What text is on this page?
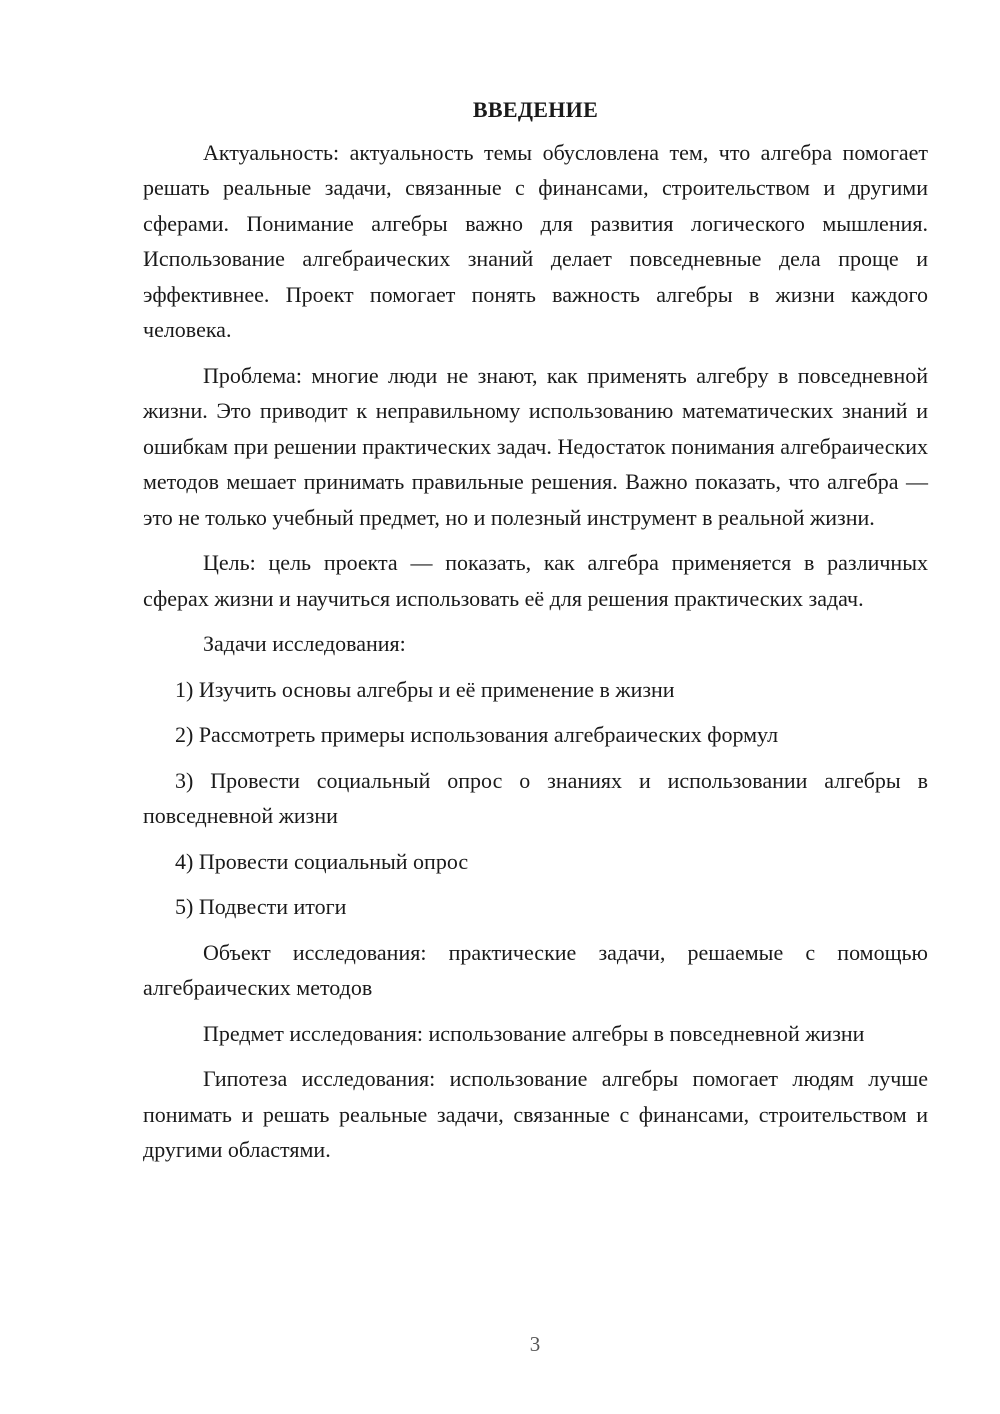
ВВЕДЕНИЕ

Актуальность: актуальность темы обусловлена тем, что алгебра помогает решать реальные задачи, связанные с финансами, строительством и другими сферами. Понимание алгебры важно для развития логического мышления. Использование алгебраических знаний делает повседневные дела проще и эффективнее. Проект помогает понять важность алгебры в жизни каждого человека.

Проблема: многие люди не знают, как применять алгебру в повседневной жизни. Это приводит к неправильному использованию математических знаний и ошибкам при решении практических задач. Недостаток понимания алгебраических методов мешает принимать правильные решения. Важно показать, что алгебра — это не только учебный предмет, но и полезный инструмент в реальной жизни.

Цель: цель проекта — показать, как алгебра применяется в различных сферах жизни и научиться использовать её для решения практических задач.

Задачи исследования:

1) Изучить основы алгебры и её применение в жизни

2) Рассмотреть примеры использования алгебраических формул

3) Провести социальный опрос о знаниях и использовании алгебры в повседневной жизни

4) Провести социальный опрос

5) Подвести итоги

Объект исследования: практические задачи, решаемые с помощью алгебраических методов

Предмет исследования: использование алгебры в повседневной жизни

Гипотеза исследования: использование алгебры помогает людям лучше понимать и решать реальные задачи, связанные с финансами, строительством и другими областями.

3
